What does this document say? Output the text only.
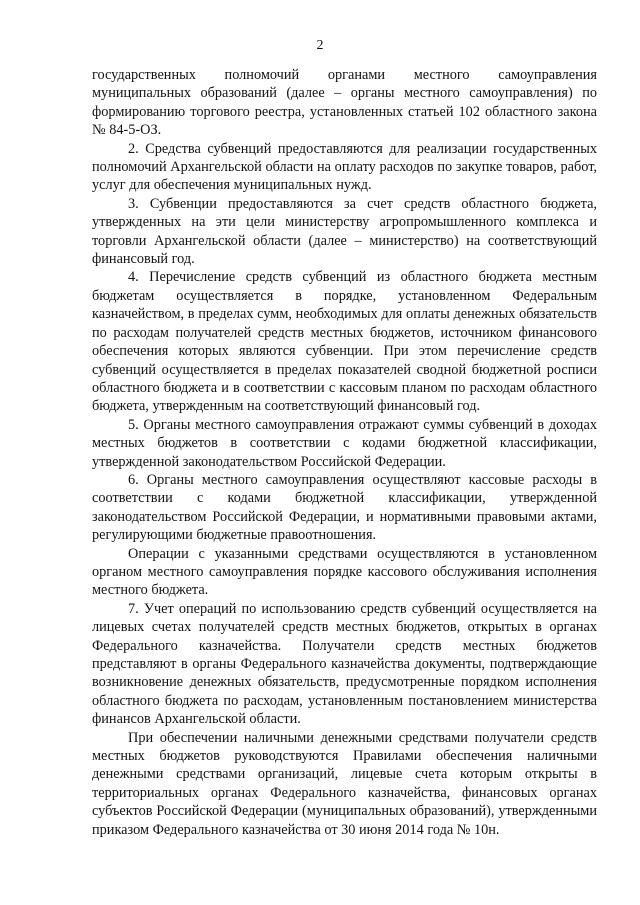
2

государственных полномочий органами местного самоуправления муниципальных образований (далее – органы местного самоуправления) по формированию торгового реестра, установленных статьей 102 областного закона № 84-5-ОЗ.

2. Средства субвенций предоставляются для реализации государственных полномочий Архангельской области на оплату расходов по закупке товаров, работ, услуг для обеспечения муниципальных нужд.

3. Субвенции предоставляются за счет средств областного бюджета, утвержденных на эти цели министерству агропромышленного комплекса и торговли Архангельской области (далее – министерство) на соответствующий финансовый год.

4. Перечисление средств субвенций из областного бюджета местным бюджетам осуществляется в порядке, установленном Федеральным казначейством, в пределах сумм, необходимых для оплаты денежных обязательств по расходам получателей средств местных бюджетов, источником финансового обеспечения которых являются субвенции. При этом перечисление средств субвенций осуществляется в пределах показателей сводной бюджетной росписи областного бюджета и в соответствии с кассовым планом по расходам областного бюджета, утвержденным на соответствующий финансовый год.

5. Органы местного самоуправления отражают суммы субвенций в доходах местных бюджетов в соответствии с кодами бюджетной классификации, утвержденной законодательством Российской Федерации.

6. Органы местного самоуправления осуществляют кассовые расходы в соответствии с кодами бюджетной классификации, утвержденной законодательством Российской Федерации, и нормативными правовыми актами, регулирующими бюджетные правоотношения.

Операции с указанными средствами осуществляются в установленном органом местного самоуправления порядке кассового обслуживания исполнения местного бюджета.

7. Учет операций по использованию средств субвенций осуществляется на лицевых счетах получателей средств местных бюджетов, открытых в органах Федерального казначейства. Получатели средств местных бюджетов представляют в органы Федерального казначейства документы, подтверждающие возникновение денежных обязательств, предусмотренные порядком исполнения областного бюджета по расходам, установленным постановлением министерства финансов Архангельской области.

При обеспечении наличными денежными средствами получатели средств местных бюджетов руководствуются Правилами обеспечения наличными денежными средствами организаций, лицевые счета которым открыты в территориальных органах Федерального казначейства, финансовых органах субъектов Российской Федерации (муниципальных образований), утвержденными приказом Федерального казначейства от 30 июня 2014 года № 10н.
